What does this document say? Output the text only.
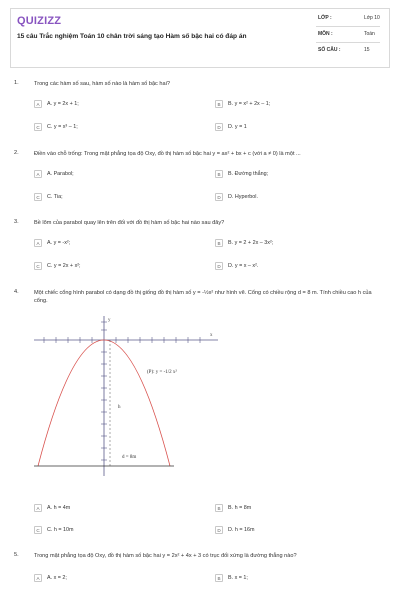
QUIZIZZ
15 câu Trắc nghiệm Toán 10 chân trời sáng tạo Hàm số bậc hai có đáp án
LỚP :	Lớp 10
MÔN :	Toán
SỐ CÂU :	15
1.	Trong các hàm số sau, hàm số nào là hàm số bậc hai?
A	A. y = 2x + 1;	B	B. y = x² + 2x – 1;
C	C. y = x³ – 1;	D	D. y = 1
2.	Điền vào chỗ trống: Trong mặt phẳng tọa độ Oxy, đồ thị hàm số bậc hai y = ax² + bx + c (với a ≠ 0) là một ...
A	A. Parabol;	B	B. Đường thẳng;
C	C. Tia;	D	D. Hyperbol.
3.	Bề lõm của parabol quay lên trên đối với đồ thị hàm số bậc hai nào sau đây?
A	A. y = -x²;	B	B. y = 2 + 2x – 3x²;
C	C. y = 2x + x²;	D	D. y = x – x².
4.	Một chiếc cổng hình parabol có dạng đồ thị giống đồ thị hàm số y = -½x² như hình vẽ. Cổng có chiều rộng d = 8 m. Tính chiều cao h của cổng.
x
y
(P): y = -1/2 x²
h
d = 8m
A	A. h = 4m	B	B. h = 8m
C	C. h = 10m	D	D. h = 16m
5.	Trong mặt phẳng tọa độ Oxy, đồ thị hàm số bậc hai y = 2x² + 4x + 3 có trục đối xứng là đường thẳng nào?
A	A. x = 2;	B	B. x = 1;
